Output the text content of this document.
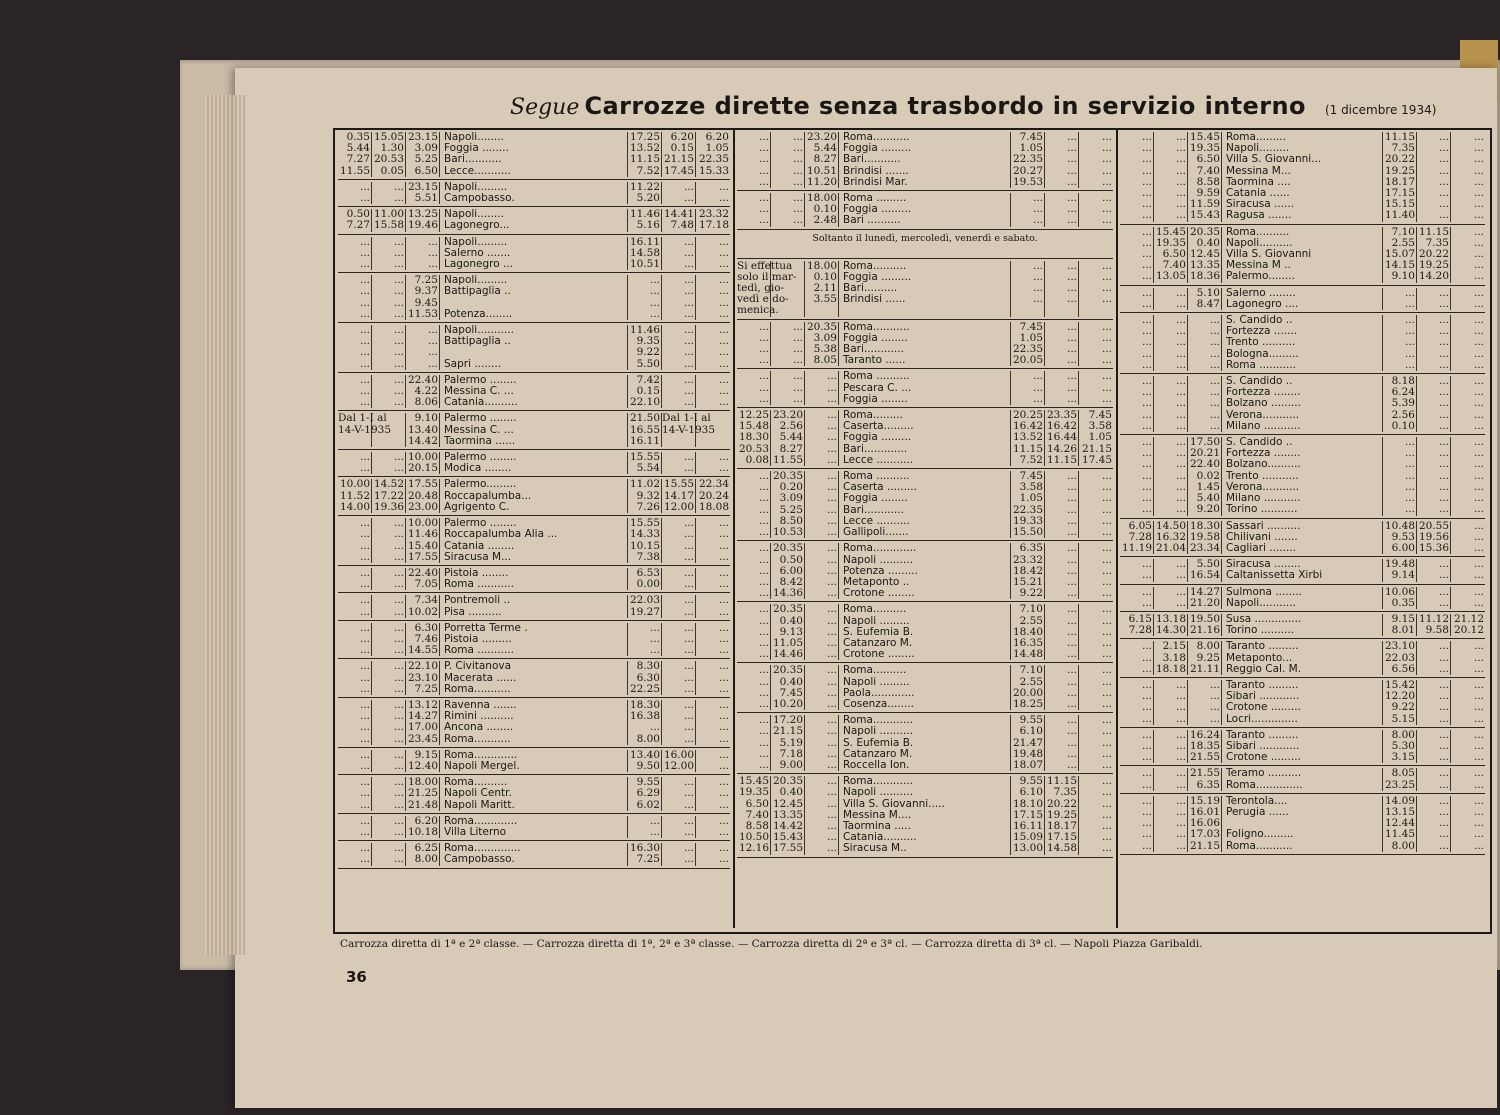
Segue Carrozze dirette senza trasbordo in servizio interno (1 dicembre 1934)
0.35
5.44
7.27
11.55
15.05
1.30
20.53
0.05
23.15
3.09
5.25
6.50
Napoli........
Foggia ........
Bari...........
Lecce...........
17.25
13.52
11.15
7.52
6.20
0.15
21.15
17.45
6.20
1.05
22.35
15.33
...
...
...
...
23.15
5.51
Napoli.........
Campobasso.
11.22
5.20
...
...
...
...
0.50
7.27
11.00
15.58
13.25
19.46
Napoli........
Lagonegro...
11.46
5.16
14.41
7.48
23.32
17.18
...
...
...
...
...
...
...
...
...
Napoli.........
Salerno .......
Lagonegro ...
16.11
14.58
10.51
...
...
...
...
...
...
...
...
...
...
...
...
...
...
7.25
9.37
9.45
11.53
Napoli.........
Battipaglia ..

Potenza........
...
...
...
...
...
...
...
...
...
...
...
...
...
...
...
...
...
...
...
...
...
...
...
...
Napoli...........
Battipaglia ..

Sapri ........
11.46
9.35
9.22
5.50
...
...
...
...
...
...
...
...
...
...
...
...
...
...
22.40
4.22
8.06
Palermo ........
Messina C. ...
Catania..........
7.42
0.15
22.10
...
...
...
...
...
...
Dal 1-I al
14-V-1935

9.10
13.40
14.42
Palermo ........
Messina C. ...
Taormina ......
21.50
16.55
16.11
Dal 1-I al
14-V-1935

...
...
...
...
10.00
20.15
Palermo ........
Modica ........
15.55
5.54
...
...
...
...
10.00
11.52
14.00
14.52
17.22
19.36
17.55
20.48
23.00
Palermo.........
Roccapalumba...
Agrigento C.
11.02
9.32
7.26
15.55
14.17
12.00
22.34
20.24
18.08
...
...
...
...
...
...
...
...
10.00
11.46
15.40
17.55
Palermo ........
Roccapalumba Alia ...
Catania ........
Siracusa M...
15.55
14.33
10.15
7.38
...
...
...
...
...
...
...
...
...
...
...
...
22.40
7.05
Pistoia ........
Roma ...........
6.53
0.00
...
...
...
...
...
...
...
...
7.34
10.02
Pontremoli ..
Pisa ..........
22.03
19.27
...
...
...
...
...
...
...
...
...
...
6.30
7.46
14.55
Porretta Terme .
Pistoia .........
Roma ...........
...
...
...
...
...
...
...
...
...
...
...
...
...
...
...
22.10
23.10
7.25
P. Civitanova
Macerata ......
Roma...........
8.30
6.30
22.25
...
...
...
...
...
...
...
...
...
...
...
...
...
...
13.12
14.27
17.00
23.45
Ravenna .......
Rimini ..........
Ancona ........
Roma...........
18.30
16.38
...
8.00
...
...
...
...
...
...
...
...
...
...
...
...
9.15
12.40
Roma.............
Napoli Mergel.
13.40
9.50
16.00
12.00
...
...
...
...
...
...
...
...
18.00
21.25
21.48
Roma..........
Napoli Centr.
Napoli Maritt.
9.55
6.29
6.02
...
...
...
...
...
...
...
...
...
...
6.20
10.18
Roma.............
Villa Literno
...
...
...
...
...
...
...
...
...
...
6.25
8.00
Roma..............
Campobasso.
16.30
7.25
...
...
...
...
...
...
...
...
...
...
...
...
...
...
23.20
5.44
8.27
10.51
11.20
Roma...........
Foggia .........
Bari...........
Brindisi .......
Brindisi Mar.
7.45
1.05
22.35
20.27
19.53
...
...
...
...
...
...
...
...
...
...
...
...
...
...
...
...
18.00
0.10
2.48
Roma .........
Foggia .........
Bari ..........
...
...
...
...
...
...
...
...
...
Soltanto il lunedì, mercoledì, venerdì e sabato.
Si effettua
solo il mar-
tedì, gio-
vedì e do-
menica.

18.00
0.10
2.11
3.55
Roma..........
Foggia .........
Bari..........
Brindisi ......
...
...
...
...
...
...
...
...
...
...
...
...
...
...
...
...
...
...
...
...
20.35
3.09
5.38
8.05
Roma...........
Foggia ........
Bari............
Taranto ......
7.45
1.05
22.35
20.05
...
...
...
...
...
...
...
...
...
...
...
...
...
...
...
...
...
Roma ..........
Pescara C. ...
Foggia ........
...
...
...
...
...
...
...
...
...
12.25
15.48
18.30
20.53
0.08
23.20
2.56
5.44
8.27
11.55
...
...
...
...
...
Roma.........
Caserta.........
Foggia .........
Bari.............
Lecce ...........
20.25
16.42
13.52
11.15
7.52
23.35
16.42
16.44
14.26
11.15
7.45
3.58
1.05
21.15
17.45
...
...
...
...
...
...
20.35
0.20
3.09
5.25
8.50
10.53
...
...
...
...
...
...
Roma ..........
Caserta .........
Foggia ........
Bari............
Lecce ..........
Gallipoli.......
7.45
3.58
1.05
22.35
19.33
15.50
...
...
...
...
...
...
...
...
...
...
...
...
...
...
...
...
...
20.35
0.50
6.00
8.42
14.36
...
...
...
...
...
Roma.............
Napoli ..........
Potenza .........
Metaponto ..
Crotone ........
6.35
23.32
18.42
15.21
9.22
...
...
...
...
...
...
...
...
...
...
...
...
...
...
...
20.35
0.40
9.13
11.05
14.46
...
...
...
...
...
Roma..........
Napoli .........
S. Eufemia B.
Catanzaro M.
Crotone ........
7.10
2.55
18.40
16.35
14.48
...
...
...
...
...
...
...
...
...
...
...
...
...
...
20.35
0.40
7.45
10.20
...
...
...
...
Roma..........
Napoli .........
Paola.............
Cosenza........
7.10
2.55
20.00
18.25
...
...
...
...
...
...
...
...
...
...
...
...
...
17.20
21.15
5.19
7.18
9.00
...
...
...
...
...
Roma............
Napoli ..........
S. Eufemia B.
Catanzaro M.
Roccella Ion.
9.55
6.10
21.47
19.48
18.07
...
...
...
...
...
...
...
...
...
...
15.45
19.35
6.50
7.40
8.58
10.50
12.16
20.35
0.40
12.45
13.35
14.42
15.43
17.55
...
...
...
...
...
...
...
Roma............
Napoli ..........
Villa S. Giovanni.....
Messina M....
Taormina .....
Catania..........
Siracusa M..
9.55
6.10
18.10
17.15
16.11
15.09
13.00
11.15
7.35
20.22
19.25
18.17
17.15
14.58
...
...
...
...
...
...
...
...
...
...
...
...
...
...
...
...
...
...
...
...
...
...
...
15.45
19.35
6.50
7.40
8.58
9.59
11.59
15.43
Roma.........
Napoli.........
Villa S. Giovanni...
Messina M...
Taormina ....
Catania ......
Siracusa ......
Ragusa .......
11.15
7.35
20.22
19.25
18.17
17.15
15.15
11.40
...
...
...
...
...
...
...
...
...
...
...
...
...
...
...
...
...
...
...
...
...
15.45
19.35
6.50
7.40
13.05
20.35
0.40
12.45
13.35
18.36
Roma..........
Napoli..........
Villa S. Giovanni
Messina M ..
Palermo........
7.10
2.55
15.07
14.15
9.10
11.15
7.35
20.22
19.25
14.20
...
...
...
...
...
...
...
...
...
5.10
8.47
Salerno ........
Lagonegro ....
...
...
...
...
...
...
...
...
...
...
...
...
...
...
...
...
...
...
...
...
...
S. Candido ..
Fortezza .......
Trento ..........
Bologna.........
Roma ...........
...
...
...
...
...
...
...
...
...
...
...
...
...
...
...
...
...
...
...
...
...
...
...
...
...
...
...
...
...
...
S. Candido ..
Fortezza ........
Bolzano .........
Verona...........
Milano ...........
8.18
6.24
5.39
2.56
0.10
...
...
...
...
...
...
...
...
...
...
...
...
...
...
...
...
...
...
...
...
...
...
...
...
17.50
20.21
22.40
0.02
1.45
5.40
9.20
S. Candido ..
Fortezza ........
Bolzano..........
Trento ...........
Verona...........
Milano ...........
Torino ...........
...
...
...
...
...
...
...
...
...
...
...
...
...
...
...
...
...
...
...
...
...
6.05
7.28
11.19
14.50
16.32
21.04
18.30
19.58
23.34
Sassari ..........
Chilivani .......
Cagliari ........
10.48
9.53
6.00
20.55
19.56
15.36
...
...
...
...
...
...
...
5.50
16.54
Siracusa ........
Caltanissetta Xirbi
19.48
9.14
...
...
...
...
...
...
...
...
14.27
21.20
Sulmona ........
Napoli...........
10.06
0.35
...
...
...
...
6.15
7.28
13.18
14.30
19.50
21.16
Susa ..............
Torino ..........
9.15
8.01
11.12
9.58
21.12
20.12
...
...
...
2.15
3.18
18.18
8.00
9.25
21.11
Taranto .........
Metaponto...
Reggio Cal. M.
23.10
22.03
6.56
...
...
...
...
...
...
...
...
...
...
...
...
...
...
...
...
...
...
Taranto .........
Sibari ............
Crotone .........
Locri..............
15.42
12.20
9.22
5.15
...
...
...
...
...
...
...
...
...
...
...
...
...
...
16.24
18.35
21.55
Taranto .........
Sibari ............
Crotone .........
8.00
5.30
3.15
...
...
...
...
...
...
...
...
...
...
21.55
6.35
Teramo ..........
Roma..............
8.05
23.25
...
...
...
...
...
...
...
...
...
...
...
...
...
...
15.19
16.01
16.06
17.03
21.15
Terontola....
Perugia ......

Foligno.........
Roma...........
14.09
13.15
12.44
11.45
8.00
...
...
...
...
...
...
...
...
...
...
Carrozza diretta di 1ª e 2ª classe. — Carrozza diretta di 1ª, 2ª e 3ª classe. — Carrozza diretta di 2ª e 3ª cl. — Carrozza diretta di 3ª cl. — Napoli Piazza Garibaldi.
36
